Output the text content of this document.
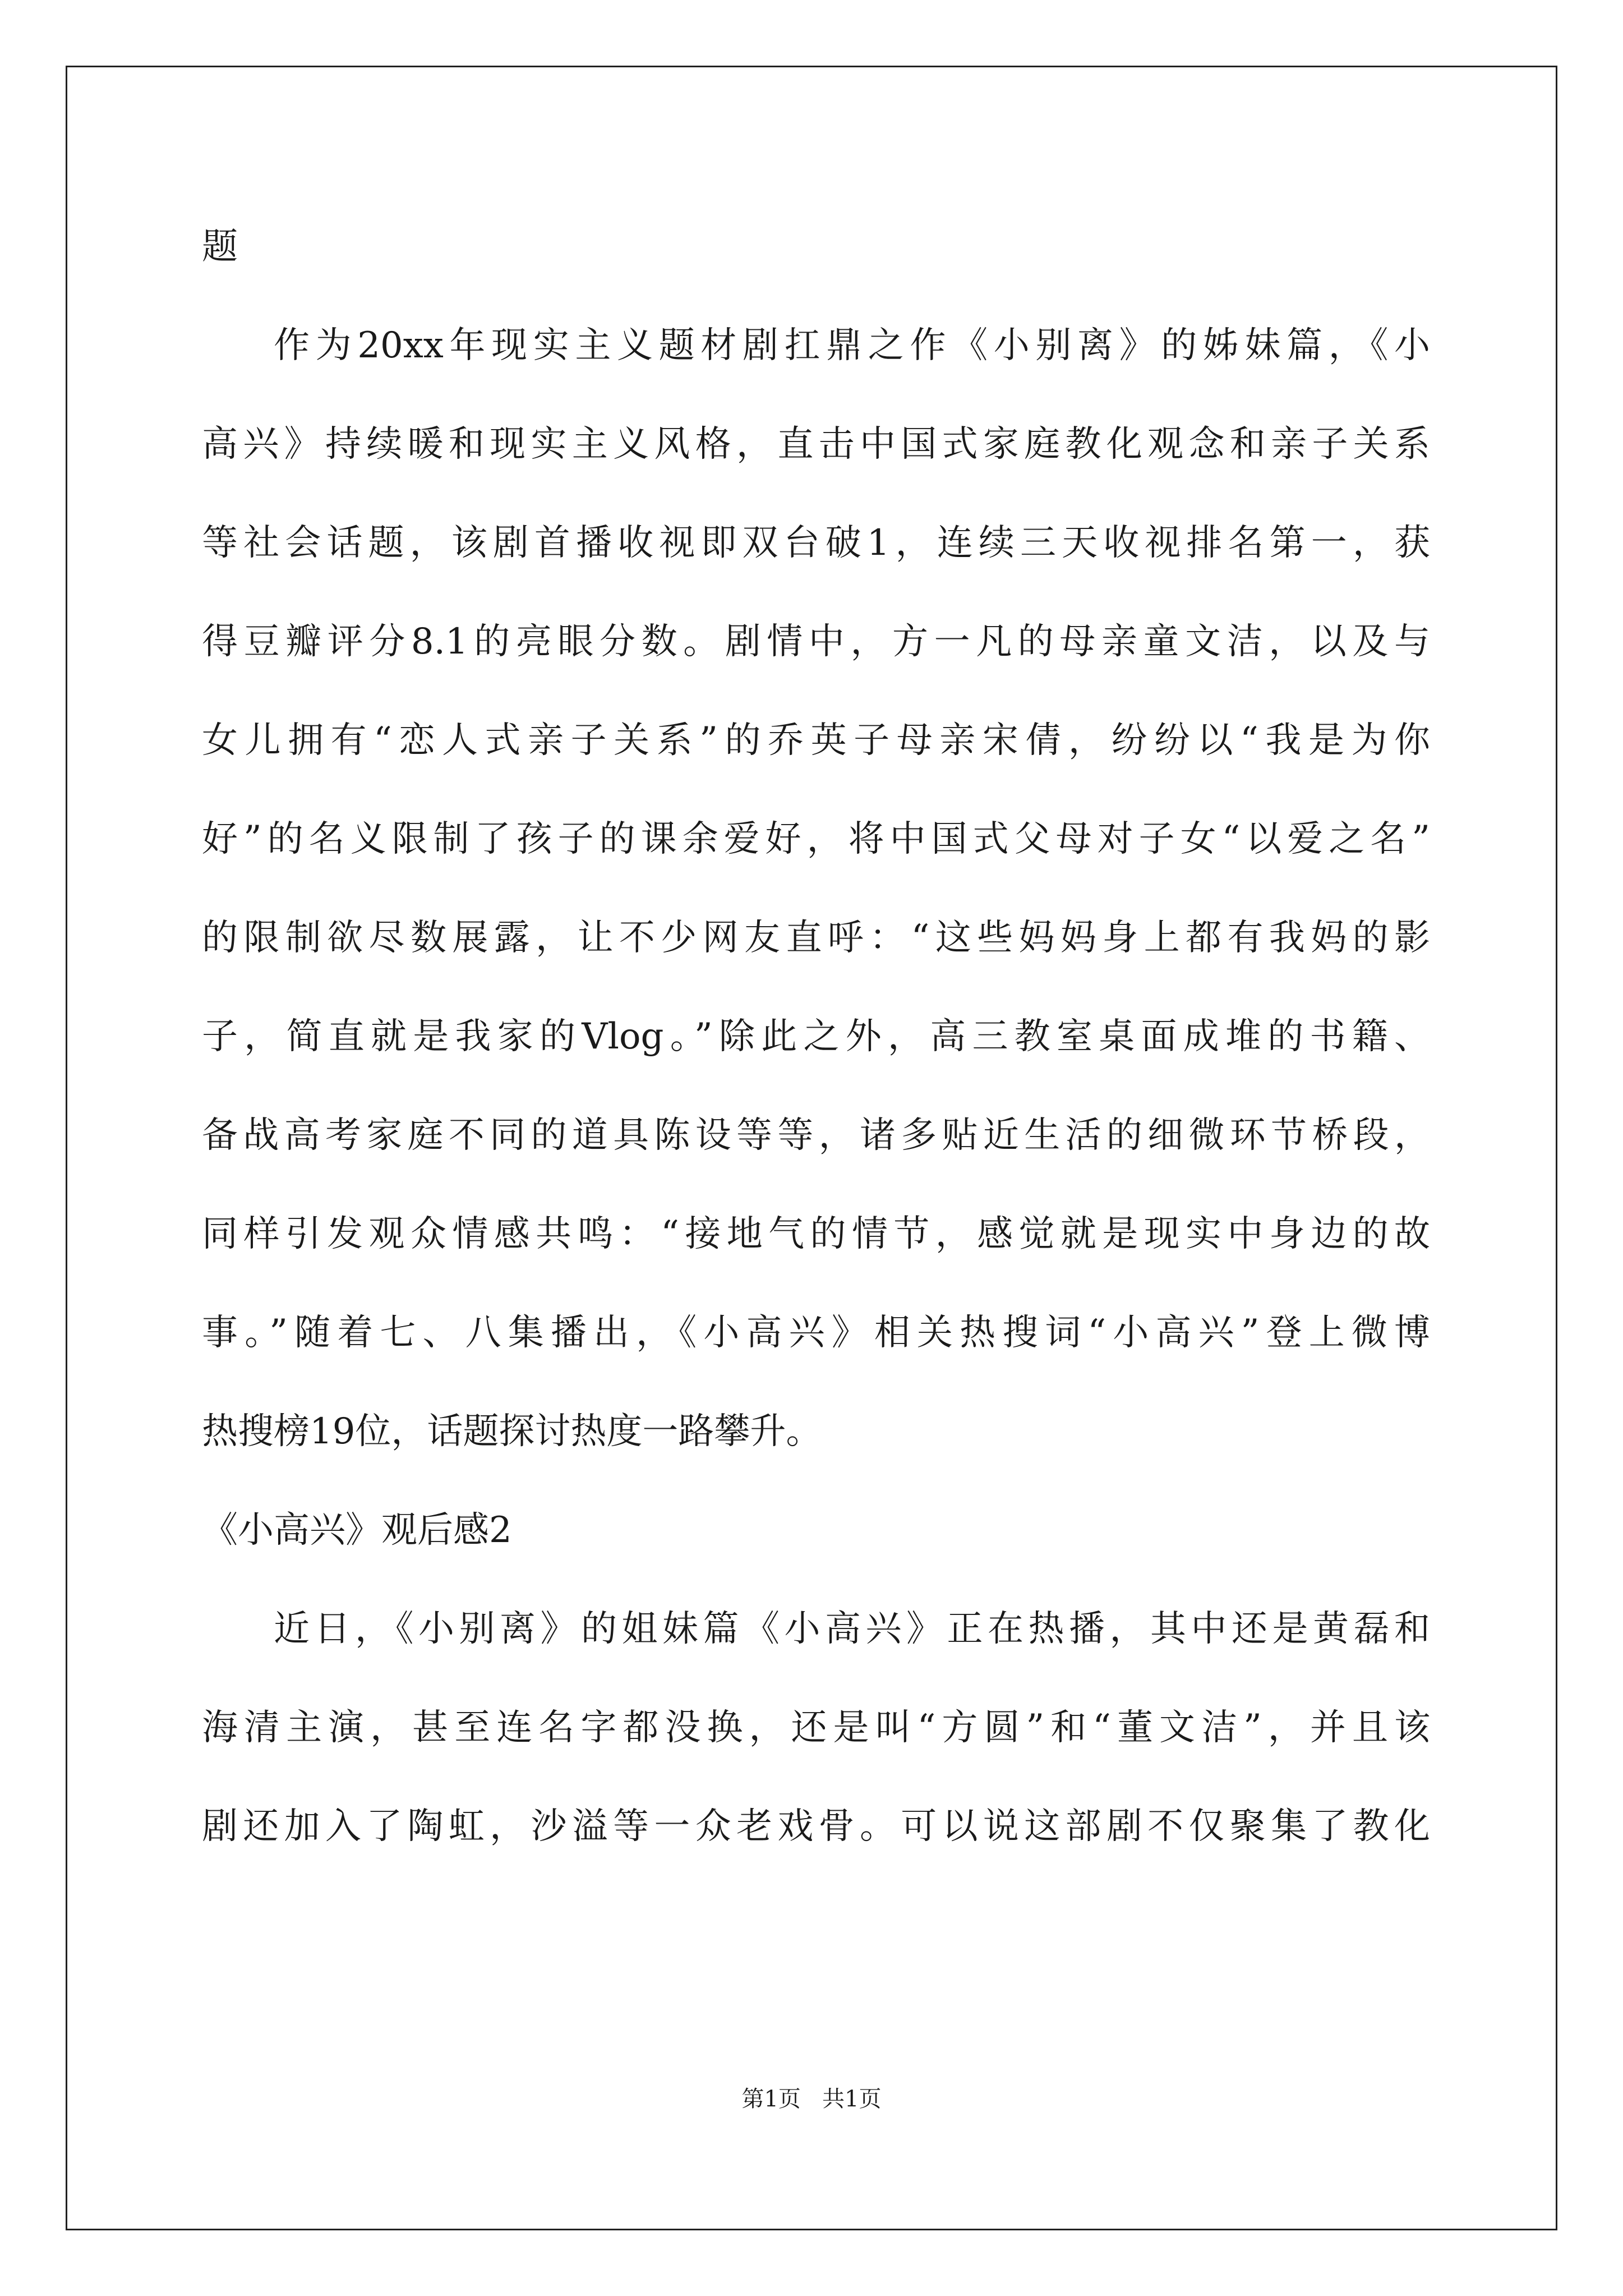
题
作为20xx年现实主义题材剧扛鼎之作《小别离》的姊妹篇，《小
高兴》持续暖和现实主义风格，直击中国式家庭教化观念和亲子关系
等社会话题，该剧首播收视即双台破1，连续三天收视排名第一，获
得豆瓣评分8.1的亮眼分数。剧情中，方一凡的母亲童文洁，以及与
女儿拥有“恋人式亲子关系”的乔英子母亲宋倩，纷纷以“我是为你
好”的名义限制了孩子的课余爱好，将中国式父母对子女“以爱之名”
的限制欲尽数展露，让不少网友直呼：“这些妈妈身上都有我妈的影
子，简直就是我家的Vlog。”除此之外，高三教室桌面成堆的书籍、
备战高考家庭不同的道具陈设等等，诸多贴近生活的细微环节桥段，
同样引发观众情感共鸣：“接地气的情节，感觉就是现实中身边的故
事。”随着七、八集播出，《小高兴》相关热搜词“小高兴”登上微博
热搜榜19位，话题探讨热度一路攀升。
《小高兴》观后感2
近日，《小别离》的姐妹篇《小高兴》正在热播，其中还是黄磊和
海清主演，甚至连名字都没换，还是叫“方圆”和“董文洁”，并且该
剧还加入了陶虹，沙溢等一众老戏骨。可以说这部剧不仅聚集了教化
第1页   共1页
